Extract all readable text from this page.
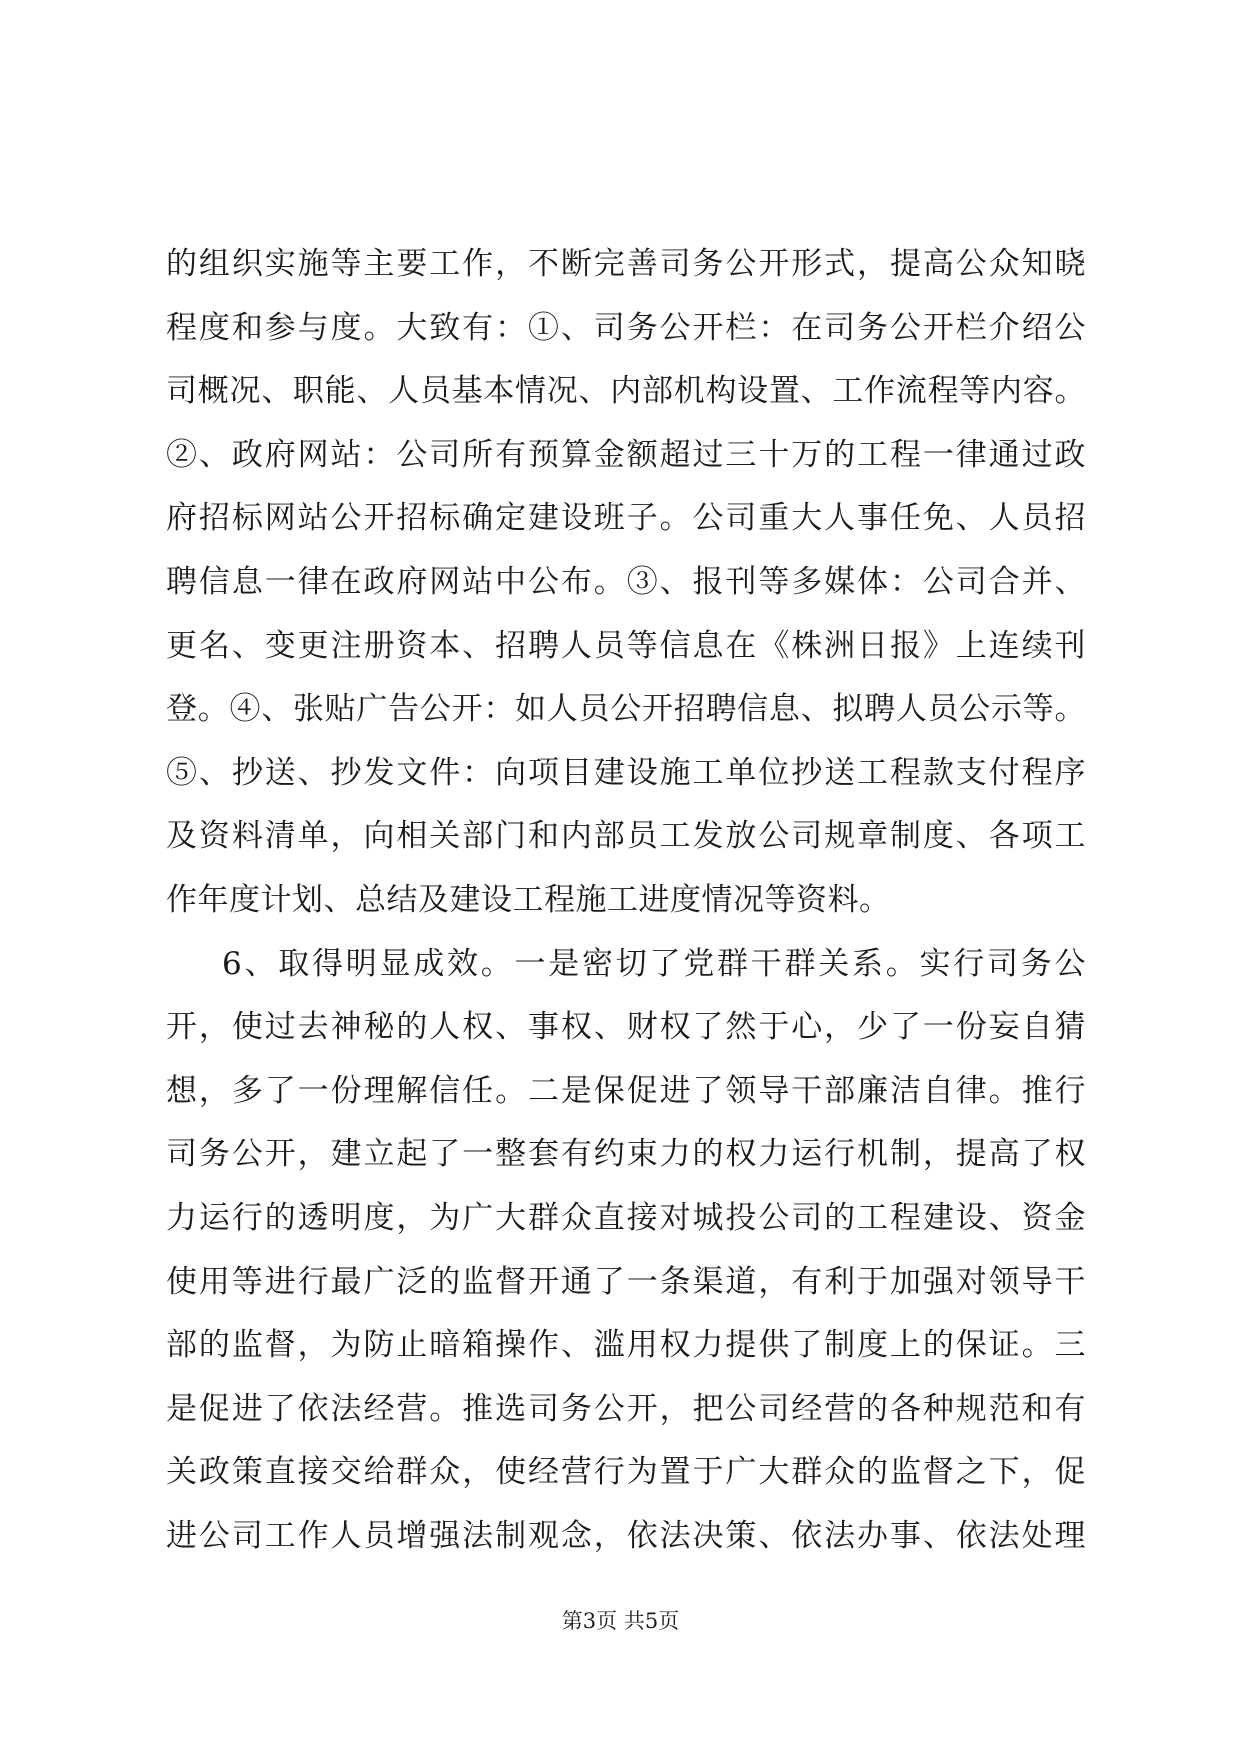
的组织实施等主要工作，不断完善司务公开形式，提高公众知晓
程度和参与度。大致有：①、司务公开栏：在司务公开栏介绍公
司概况、职能、人员基本情况、内部机构设置、工作流程等内容。
②、政府网站：公司所有预算金额超过三十万的工程一律通过政
府招标网站公开招标确定建设班子。公司重大人事任免、人员招
聘信息一律在政府网站中公布。③、报刊等多媒体：公司合并、
更名、变更注册资本、招聘人员等信息在《株洲日报》上连续刊
登。④、张贴广告公开：如人员公开招聘信息、拟聘人员公示等。
⑤、抄送、抄发文件：向项目建设施工单位抄送工程款支付程序
及资料清单，向相关部门和内部员工发放公司规章制度、各项工
作年度计划、总结及建设工程施工进度情况等资料。
6、取得明显成效。一是密切了党群干群关系。实行司务公
开，使过去神秘的人权、事权、财权了然于心，少了一份妄自猜
想，多了一份理解信任。二是保促进了领导干部廉洁自律。推行
司务公开，建立起了一整套有约束力的权力运行机制，提高了权
力运行的透明度，为广大群众直接对城投公司的工程建设、资金
使用等进行最广泛的监督开通了一条渠道，有利于加强对领导干
部的监督，为防止暗箱操作、滥用权力提供了制度上的保证。三
是促进了依法经营。推选司务公开，把公司经营的各种规范和有
关政策直接交给群众，使经营行为置于广大群众的监督之下，促
进公司工作人员增强法制观念，依法决策、依法办事、依法处理
第3页 共5页
